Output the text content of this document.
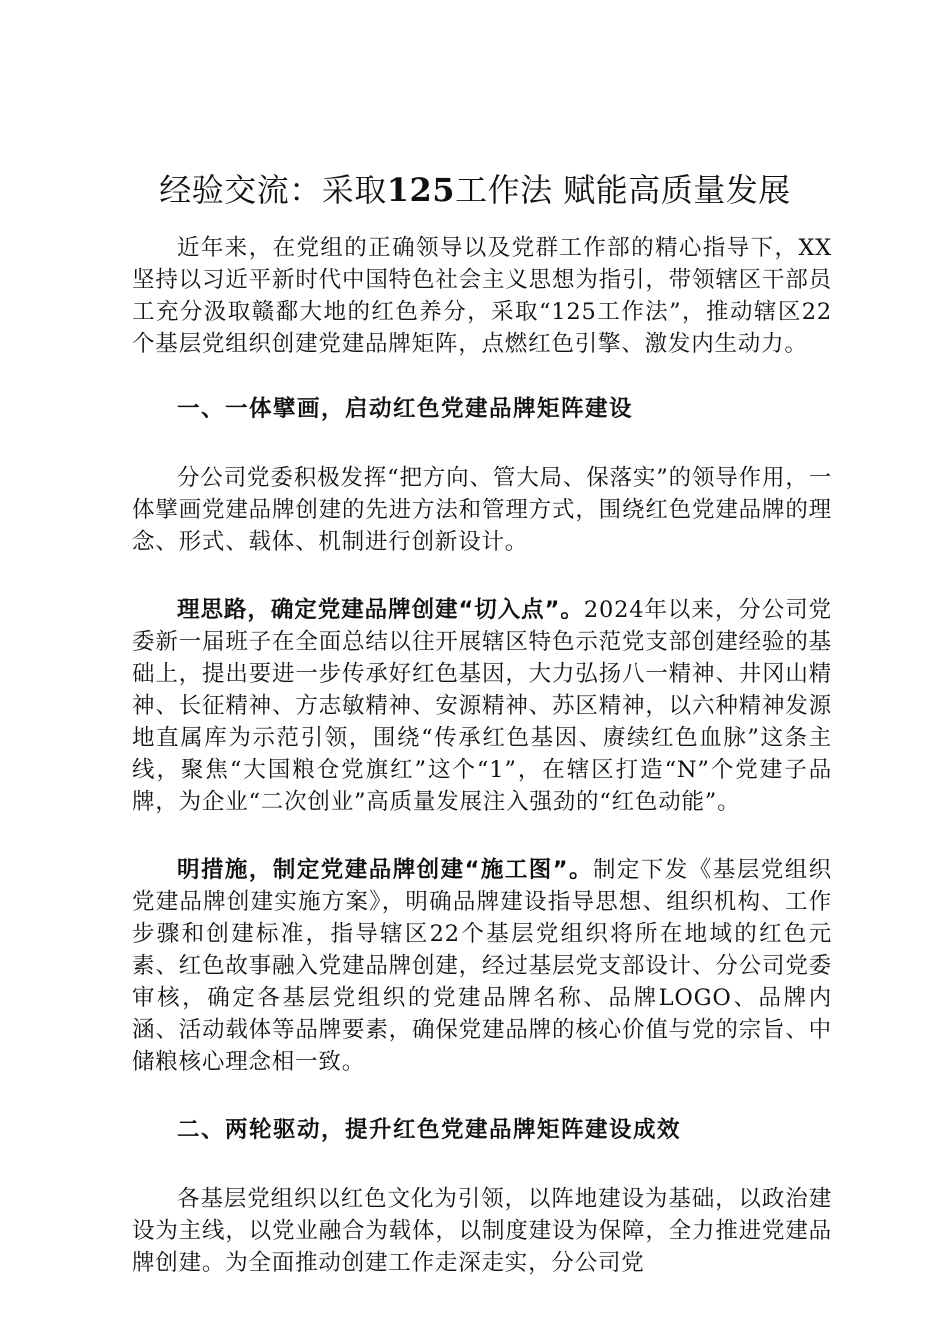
经验交流：采取125工作法 赋能高质量发展

近年来，在党组的正确领导以及党群工作部的精心指导下，XX坚持以习近平新时代中国特色社会主义思想为指引，带领辖区干部员工充分汲取赣鄱大地的红色养分，采取“125工作法”，推动辖区22个基层党组织创建党建品牌矩阵，点燃红色引擎、激发内生动力。

一、一体擘画，启动红色党建品牌矩阵建设

分公司党委积极发挥“把方向、管大局、保落实”的领导作用，一体擘画党建品牌创建的先进方法和管理方式，围绕红色党建品牌的理念、形式、载体、机制进行创新设计。

理思路，确定党建品牌创建“切入点”。2024年以来，分公司党委新一届班子在全面总结以往开展辖区特色示范党支部创建经验的基础上，提出要进一步传承好红色基因，大力弘扬八一精神、井冈山精神、长征精神、方志敏精神、安源精神、苏区精神，以六种精神发源地直属库为示范引领，围绕“传承红色基因、赓续红色血脉”这条主线，聚焦“大国粮仓党旗红”这个“1”，在辖区打造“N”个党建子品牌，为企业“二次创业”高质量发展注入强劲的“红色动能”。

明措施，制定党建品牌创建“施工图”。制定下发《基层党组织党建品牌创建实施方案》，明确品牌建设指导思想、组织机构、工作步骤和创建标准，指导辖区22个基层党组织将所在地域的红色元素、红色故事融入党建品牌创建，经过基层党支部设计、分公司党委审核，确定各基层党组织的党建品牌名称、品牌LOGO、品牌内涵、活动载体等品牌要素，确保党建品牌的核心价值与党的宗旨、中储粮核心理念相一致。

二、两轮驱动，提升红色党建品牌矩阵建设成效

各基层党组织以红色文化为引领，以阵地建设为基础，以政治建设为主线，以党业融合为载体，以制度建设为保障，全力推进党建品牌创建。为全面推动创建工作走深走实，分公司党
